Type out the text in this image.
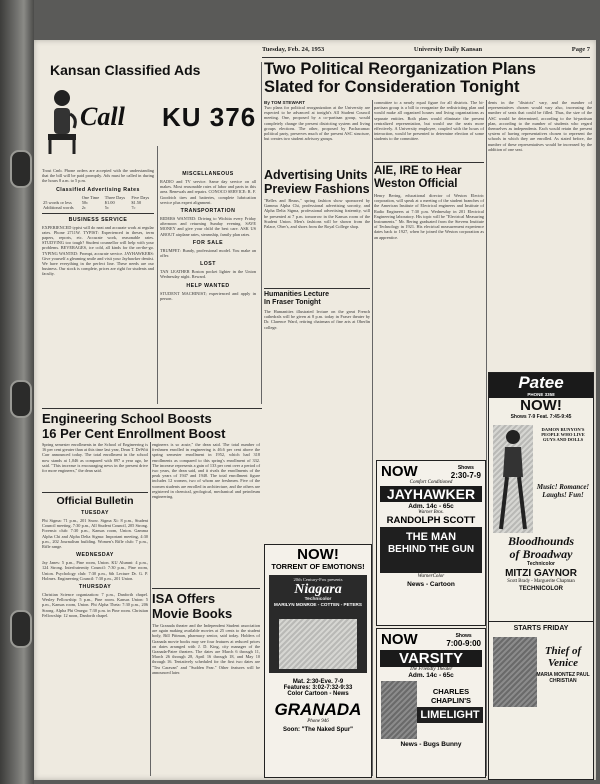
Tuesday, Feb. 24, 1953	University Daily Kansan	Page 7

Kansan Classified Ads

Call KU 376
Trout Cmb. Phone orders are accepted with the understanding that the bill will be paid promptly. Ads must be called in during the hours 8 a.m. to 5 p.m.
Classified Advertising Rates
	One Time	Three Days	Five Days
25 words or less	50c	$1.00	$1.50
Additional words	2c	5c	7c
BUSINESS SERVICE
EXPERIENCED typist will do neat and accurate work at regular rates. Phone 2711W. TYPIST: Experienced in theses, term papers, reports, etc. Accurate work, reasonable rates. STUDYING too tough? Student counsellor will help with your problems. BEVERAGES, ice cold, all kinds for the on-the-go. TYPING WANTED: Prompt, accurate service. JAYHAWKERS: Give yourself a gleaming smile and visit your Jayhawker dentist. We have everything in the perfect line. These needs are our business. Our stock is complete, prices are right for students and faculty.
MISCELLANEOUS
RADIO and TV service. Same day service on all makes. Most reasonable rates of labor and parts in this area. Renewals and repairs. CONOCO SERVICE: R. F. Goodrich tires and batteries, complete lubrication service plus expert alignment.
TRANSPORTATION
RIDERS WANTED: Driving to Wichita every Friday afternoon and returning Sunday evening. SAVE MONEY and give your child the best care. ASK US ABOUT airplane rates, steamship, family plan rates.
FOR SALE
TRUMPET: Bundy, professional model. You make an offer.
LOST
TAN LEATHER Boston pocket lighter in the Union Wednesday night. Reward.
HELP WANTED
STUDENT MACHINIST; experienced and apply in person.

Two Political Reorganization Plans

Slated for Consideration Tonight

By TOM STEWART
Two plans for political reorganization at the University are expected to be advanced at tonight's All Student Council meeting. One, proposed by a co-partisan group, would completely change the present districting system and living groups elections. The other, proposed by Pachacamac political party, preserves much of the present ASC structure, but creates two student advisory groups.

Advertising Units

Preview Fashions

"Belles and Beaus," spring fashion show sponsored by Gamma Alpha Chi, professional advertising sorority, and Alpha Delta Sigma, professional advertising fraternity, will be presented at 7 p.m. tomorrow in the Kansas room of the Student Union. Men's fashions will be shown from the Palace, Ober's, and shoes from the Royal College shop.

Humanities Lecture

In Fraser Tonight

The Humanities illustrated lecture on the great French cathedrals will be given at 8 p.m. today in Fraser theater by Dr. Clarence Ward, retiring chairman of fine arts at Oberlin college.
committee to a nearly equal figure for all districts. The bi-partisan group is a bill to reorganize the redistricting plan and would make all organized houses and living organizations as separate entities. Both plans would eliminate the present centralized representation, but would use the seats more effectively. A University employee, coupled with the hours of interaction, would be presented to determine election of some students to the committee.

AIE, IRE to Hear

Weston Official

Henry Bering, educational director of Weston Electric corporation, will speak at a meeting of the student branches of the American Institute of Electrical engineers and Institute of Radio Engineers at 7:30 p.m. Wednesday in 201 Electrical Engineering laboratory. His topic will be "Electrical Measuring Instruments." Mr. Bering graduated from the Stevens Institute of Technology in 1921. His electrical measurement experience dates back to 1927, when he joined the Weston corporation as an apprentice.
dents in the "districts" vary, and the number of representatives chosen would vary also, increasing the number of seats that could be filled. Thus, the size of the ASC would be determined, according to the bi-partisan plan, according to the number of students who regard themselves as independents. Each would retain the present system of having representatives chosen to represent the schools in which they are enrolled. As stated before, the number of these representatives would be increased by the addition of one seat.
Patee
PHONE 3358
NOW!
Shows 7-9 Feat. 7:45-9:45
DAMON RUNYON'S PEOPLE WHO LIVE GUYS AND DOLLS
Music! Romance! Laughs! Fun!
Bloodhounds
of Broadway
Technicolor
MITZI GAYNOR
Scott Brady - Marguerite Chapman
TECHNICOLOR
STARTS FRIDAY
Thief of
Venice
MARIA MONTEZ PAUL CHRISTIAN

Engineering School Boosts

16 Per Cent Enrollment Boost

Spring semester enrollments in the School of Engineering is 16 per cent greater than at this time last year, Dean T. DeWitt Carr announced today. The total enrollment in the school now stands at 1,046 as compared with 897 a year ago, he said. "This increase is encouraging news in the present drive for more engineers," the dean said.
engineers is so acute," the dean said. The total number of freshmen enrolled in engineering is 46.6 per cent above the spring semester enrollment in 1952, which had 318 enrollments as compared to this spring's enrollment of 332. The increase represents a gain of 133 per cent over a period of two years, the dean said, and it rivals the enrollments of the peak years of 1947 and 1948. The total enrollment figure includes 12 women, two of whom are freshmen. Five of the women students are enrolled in architecture, and the others are registered in chemical, geological, mechanical and petroleum engineering.

Official Bulletin

TUESDAY
Phi Sigma: 71 p.m., 201 Snow. Sigma Xi: 8 p.m., Student Council meeting. 7:30 p.m., All Student Council, 205 Strong. Forensic club: 7:30 p.m., Kansas room, Union. Gamma Alpha Chi and Alpha Delta Sigma: Important meeting, 4:30 p.m., 202 Journalism building. Women's Rifle club: 7 p.m., Rifle range.
WEDNESDAY
Jay Janes: 5 p.m., Pine room, Union. KU Alumni: 4 p.m., 124 Strong. Interfraternity Council: 7:30 p.m., Pine room, Union. Psychology club: 7:30 p.m., 6th Lecture Dr. G. P. Holmes. Engineering Council: 7:30 p.m., 201 Union.
THURSDAY
Christian Science organization: 7 p.m., Danforth chapel. Wesley Fellowship: 5 p.m., Pine room. Kansas Union: 5 p.m., Kansas room, Union. Phi Alpha Theta: 7:30 p.m., 206 Strong. Alpha Phi Omega: 7:30 p.m. in Pine room. Christian Fellowship: 12 noon, Danforth chapel.

ISA Offers

Movie Books

The Granada theater and the Independent Student association are again making available movies at 25 cents to the student body, Bill Pittman, pharmacy senior, said today. Holders of Granada movie books may see four features at reduced prices on dates arranged with J. D. King, city manager of the Granada-Patee theaters. The dates are March 6 through 11, March 26 through 28, April 16 through 18, and May 10 through 16. Tentatively scheduled for the first two dates are "Tea Caravan" and "Sudden Fear." Other features will be announced later.
NOW!
TORRENT OF EMOTIONS!
20th Century-Fox presents
Niagara
Technicolor
MARILYN MONROE - COTTEN - PETERS
Mat. 2:30-Eve. 7-9
Features: 3:02-7:32-9:33
Color Cartoon - News
GRANADA
Phone 946
Soon: "The Naked Spur"
NOW	Shows
2:30-7-9
Comfort Conditioned
JAYHAWKER
Adm. 14c - 65c
Warner Bros.
RANDOLPH SCOTT
THE MAN
BEHIND THE GUN
WarnerColor
News - Cartoon
NOW	Shows
7:00-9:00
VARSITY
The Friendly Theater
Adm. 14c - 65c
CHARLES CHAPLIN'S
LIMELIGHT
News - Bugs Bunny
